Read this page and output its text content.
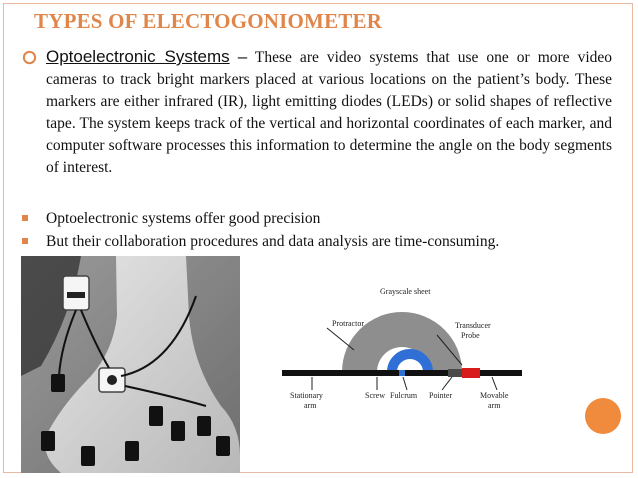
TYPES OF ELECTOGONIOMETER
Optoelectronic Systems – These are video systems that use one or more video cameras to track bright markers placed at various locations on the patient’s body. These markers are either infrared (IR), light emitting diodes (LEDs) or solid shapes of reflective tape. The system keeps track of the vertical and horizontal coordinates of each marker, and computer software processes this information to determine the angle on the body segments of interest.
Optoelectronic systems offer good precision
But their collaboration procedures and data analysis are time-consuming.
Grayscale sheet
Protractor	Transducer
Probe
Stationary
arm
Screw Fulcrum Pointer	Movable
arm
